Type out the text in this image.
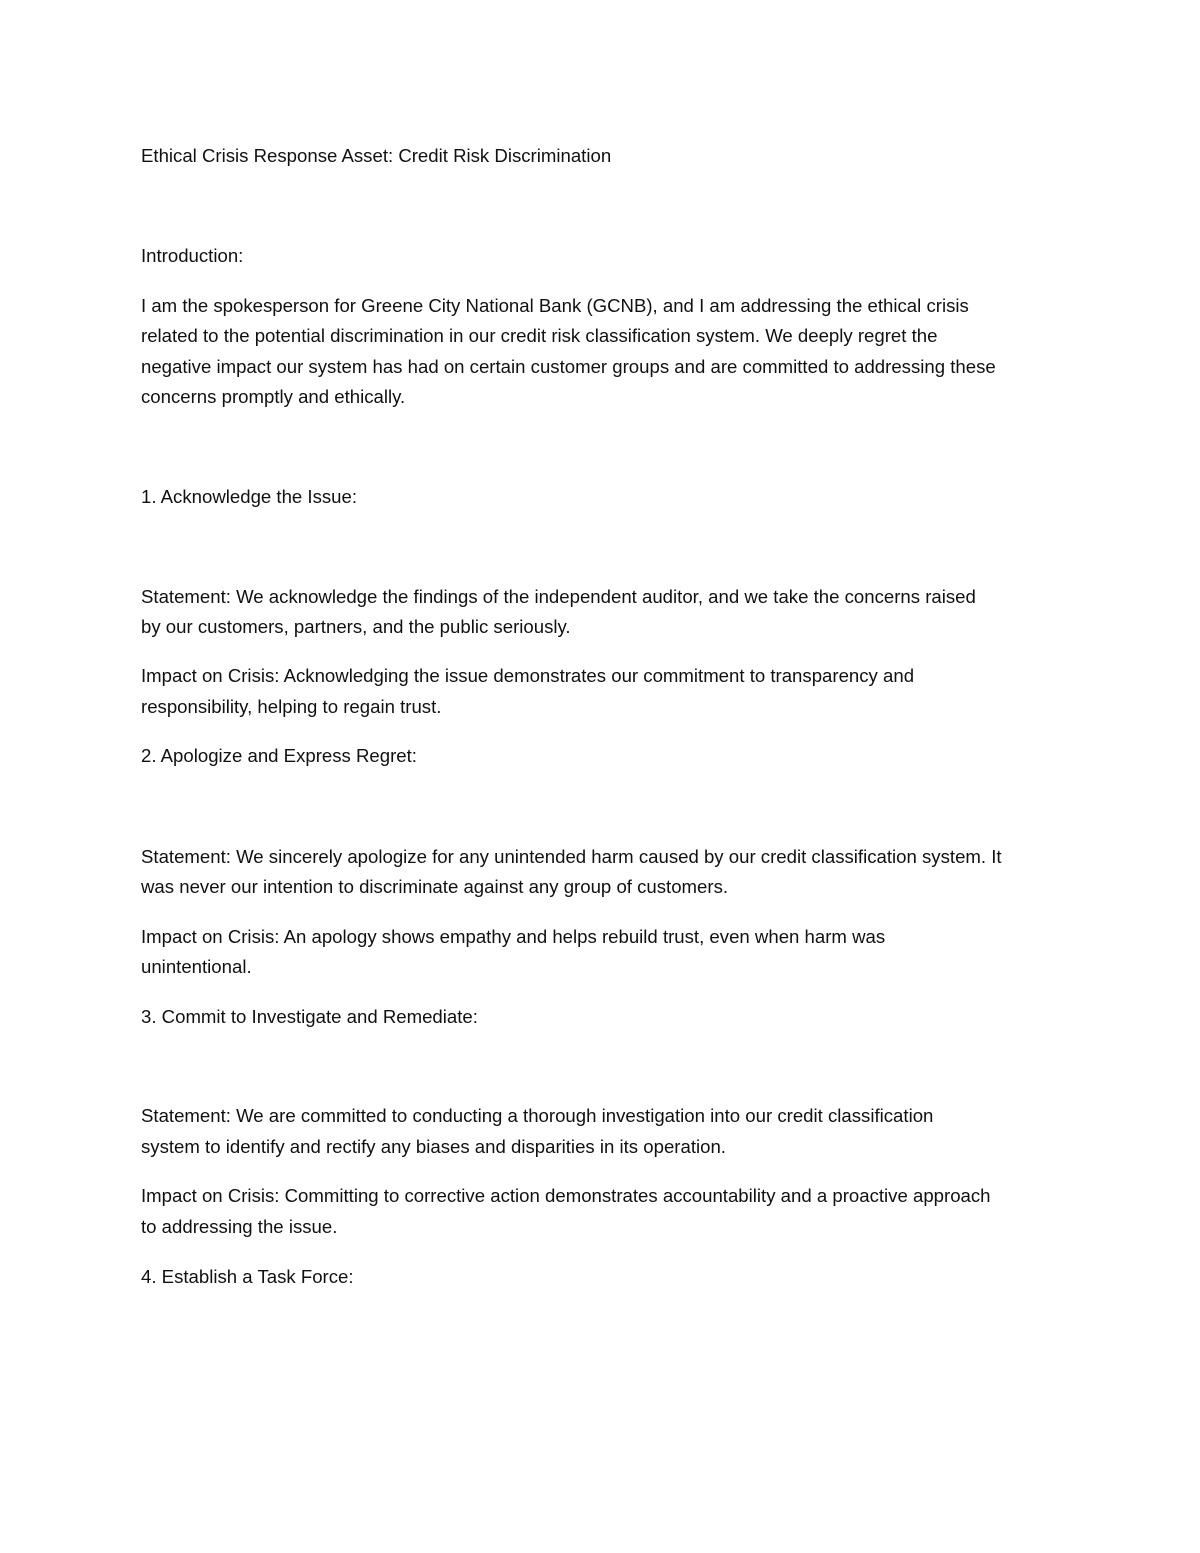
Ethical Crisis Response Asset: Credit Risk Discrimination
Introduction:
I am the spokesperson for Greene City National Bank (GCNB), and I am addressing the ethical crisis
related to the potential discrimination in our credit risk classification system. We deeply regret the
negative impact our system has had on certain customer groups and are committed to addressing these
concerns promptly and ethically.
1. Acknowledge the Issue:
Statement: We acknowledge the findings of the independent auditor, and we take the concerns raised
by our customers, partners, and the public seriously.
Impact on Crisis: Acknowledging the issue demonstrates our commitment to transparency and
responsibility, helping to regain trust.
2. Apologize and Express Regret:
Statement: We sincerely apologize for any unintended harm caused by our credit classification system. It
was never our intention to discriminate against any group of customers.
Impact on Crisis: An apology shows empathy and helps rebuild trust, even when harm was
unintentional.
3. Commit to Investigate and Remediate:
Statement: We are committed to conducting a thorough investigation into our credit classification
system to identify and rectify any biases and disparities in its operation.
Impact on Crisis: Committing to corrective action demonstrates accountability and a proactive approach
to addressing the issue.
4. Establish a Task Force:
